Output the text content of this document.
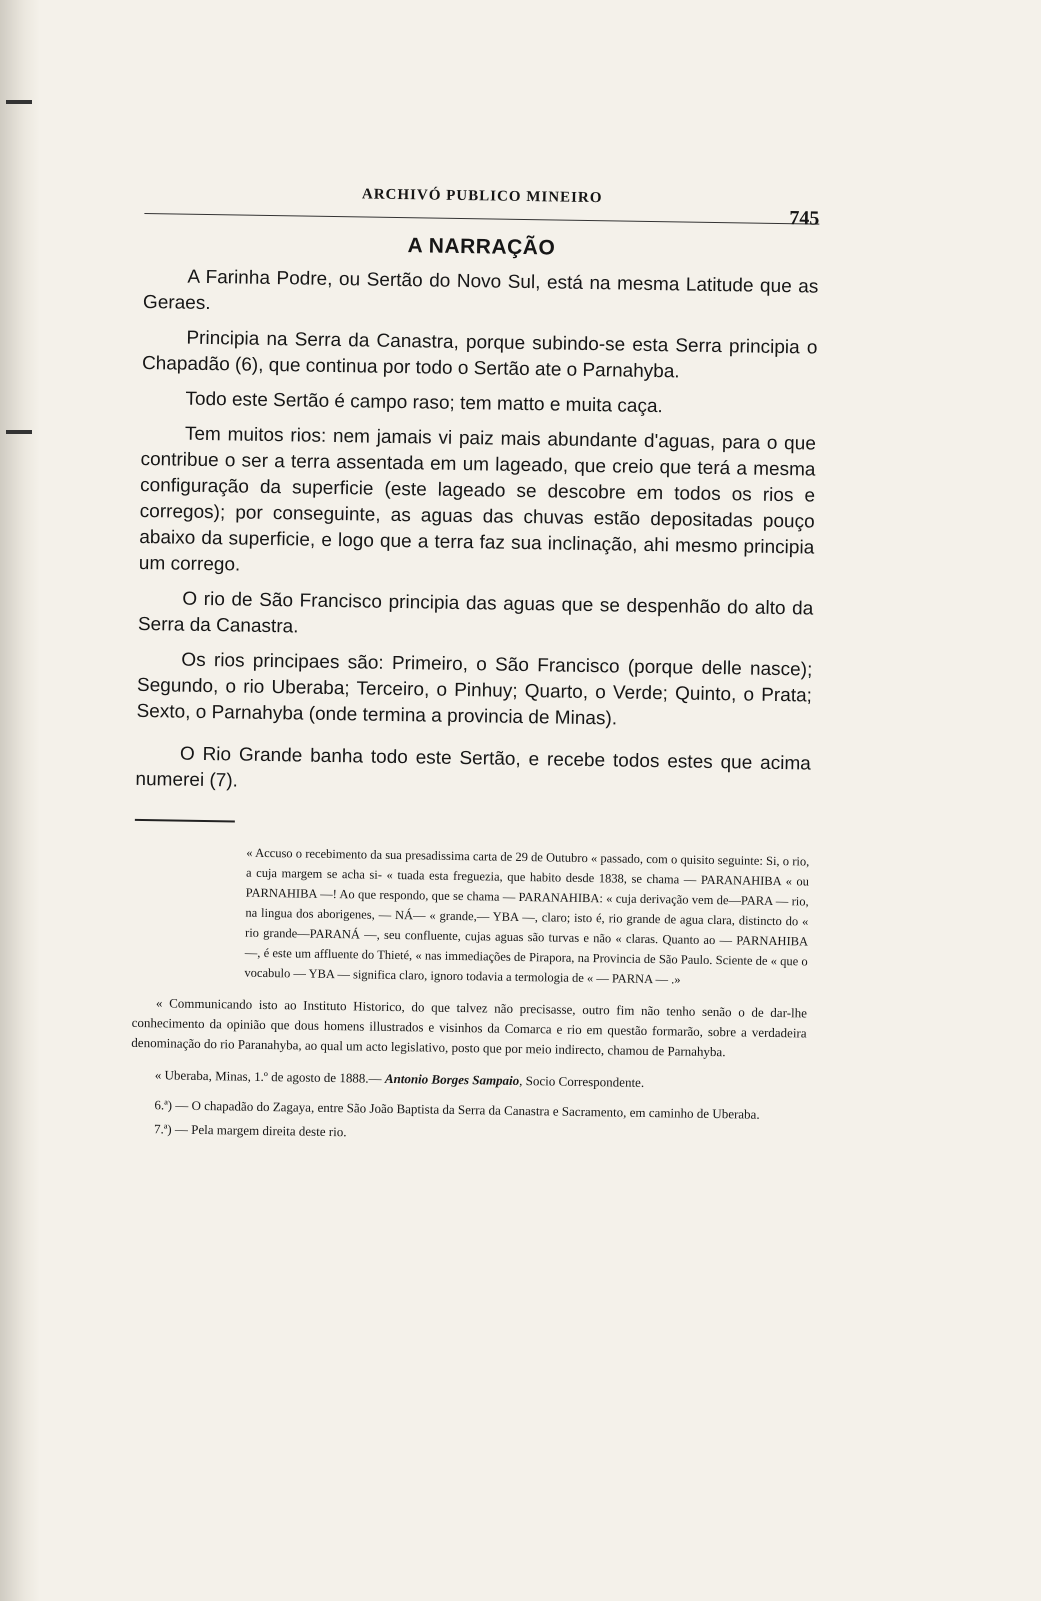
ARCHIVÓ PUBLICO MINEIRO
745
A NARRAÇÃO

A Farinha Podre, ou Sertão do Novo Sul, está na mesma Latitude que as Geraes.

Principia na Serra da Canastra, porque subindo-se esta Serra principia o Chapadão (6), que continua por todo o Sertão ate o Parnahyba.

Todo este Sertão é campo raso; tem matto e muita caça.

Tem muitos rios: nem jamais vi paiz mais abundante d'aguas, para o que contribue o ser a terra assentada em um lageado, que creio que terá a mesma configuração da superficie (este lageado se descobre em todos os rios e corregos); por conseguinte, as aguas das chuvas estão depositadas pouço abaixo da superficie, e logo que a terra faz sua inclinação, ahi mesmo principia um corrego.

O rio de São Francisco principia das aguas que se despenhão do alto da Serra da Canastra.

Os rios principaes são: Primeiro, o São Francisco (porque delle nasce); Segundo, o rio Uberaba; Terceiro, o Pinhuy; Quarto, o Verde; Quinto, o Prata; Sexto, o Parnahyba (onde termina a provincia de Minas).

O Rio Grande banha todo este Sertão, e recebe todos estes que acima numerei (7).

« Accuso o recebimento da sua presadissima carta de 29 de Outubro « passado, com o quisito seguinte: Si, o rio, a cuja margem se acha si- « tuada esta freguezia, que habito desde 1838, se chama — PARANAHIBA « ou PARNAHIBA —! Ao que respondo, que se chama — PARANAHIBA: « cuja derivação vem de—PARA — rio, na lingua dos aborigenes, — NÁ— « grande,— YBA —, claro; isto é, rio grande de agua clara, distincto do « rio grande—PARANÁ —, seu confluente, cujas aguas são turvas e não « claras. Quanto ao — PARNAHIBA —, é este um affluente do Thieté, « nas immediações de Pirapora, na Provincia de São Paulo. Sciente de « que o vocabulo — YBA — significa claro, ignoro todavia a termologia de « — PARNA — .»

« Communicando isto ao Instituto Historico, do que talvez não precisasse, outro fim não tenho senão o de dar-lhe conhecimento da opinião que dous homens illustrados e visinhos da Comarca e rio em questão formarão, sobre a verdadeira denominação do rio Paranahyba, ao qual um acto legislativo, posto que por meio indirecto, chamou de Parnahyba.

« Uberaba, Minas, 1.º de agosto de 1888.— Antonio Borges Sampaio, Socio Correspondente.

6.ª) — O chapadão do Zagaya, entre São João Baptista da Serra da Canastra e Sacramento, em caminho de Uberaba.

7.ª) — Pela margem direita deste rio.
